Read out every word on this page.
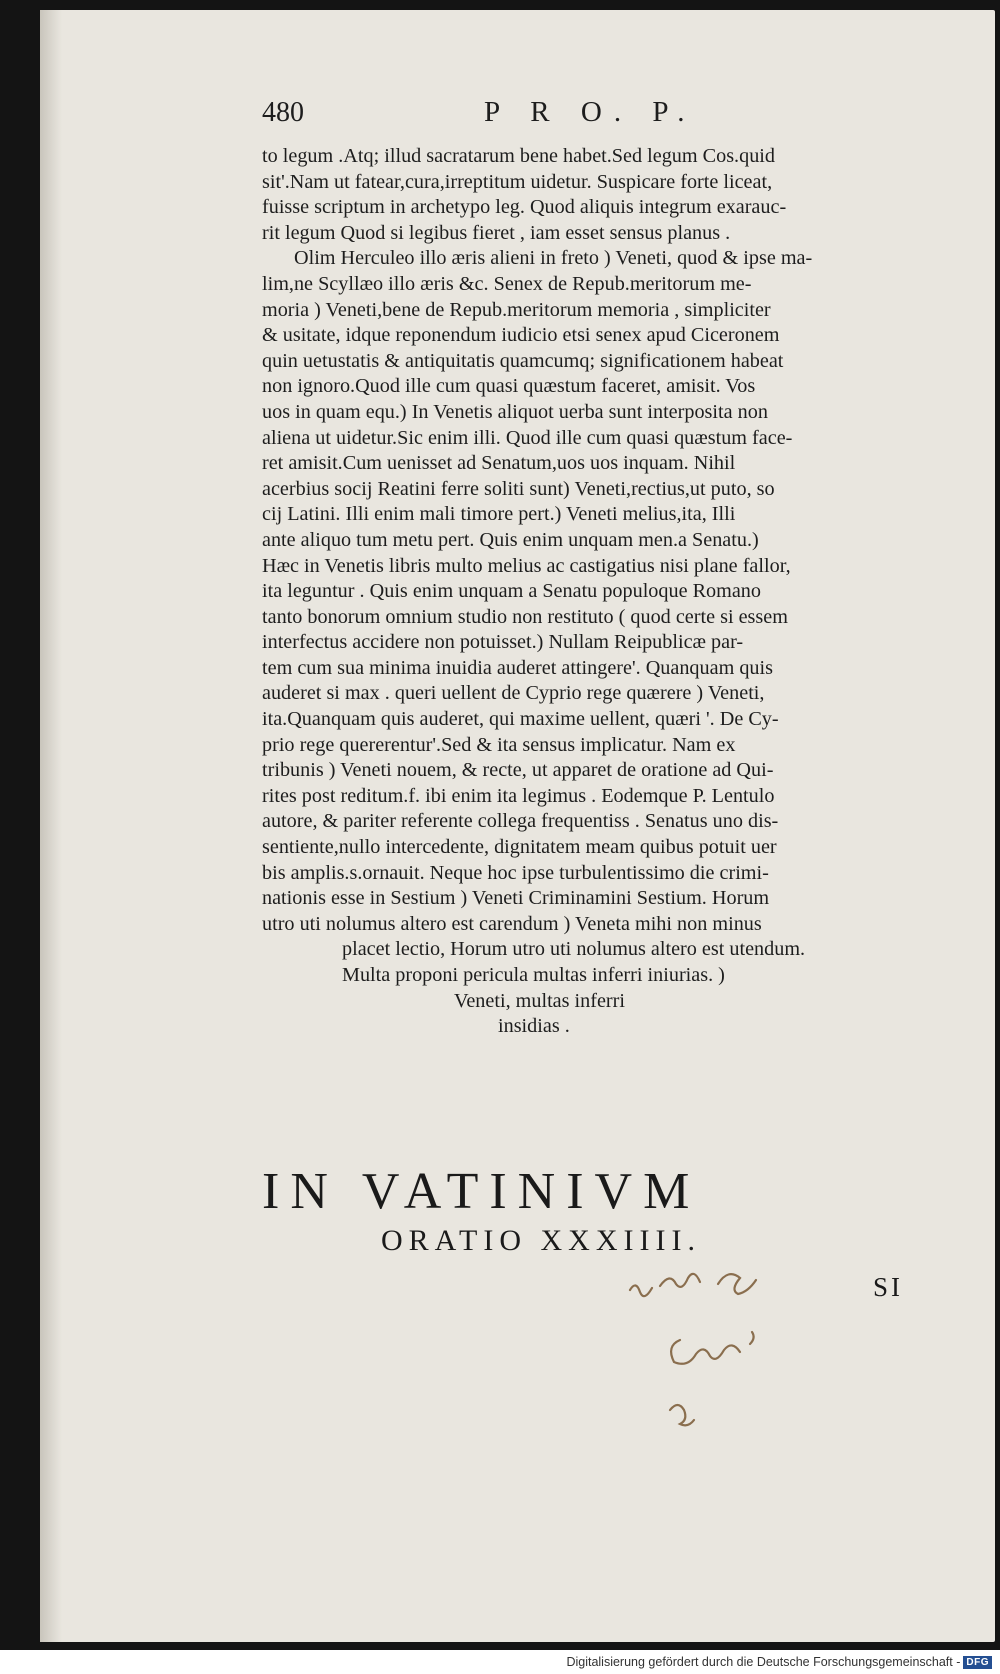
480	P R O. P.
to legum .Atq; illud sacratarum bene habet.Sed legum Cos.quid
sit'.Nam ut fatear,cura,irreptitum uidetur. Suspicare forte liceat,
fuisse scriptum in archetypo leg. Quod aliquis integrum exarauc-
rit legum Quod si legibus fieret , iam esset sensus planus .
Olim Herculeo illo æris alieni in freto ) Veneti, quod & ipse ma-
lim,ne Scyllæo illo æris &c. Senex de Repub.meritorum me-
moria ) Veneti,bene de Repub.meritorum memoria , simpliciter
& usitate, idque reponendum iudicio etsi senex apud Ciceronem
quin uetustatis & antiquitatis quamcumq; significationem habeat
non ignoro.Quod ille cum quasi quæstum faceret, amisit. Vos
uos in quam equ.) In Venetis aliquot uerba sunt interposita non
aliena ut uidetur.Sic enim illi. Quod ille cum quasi quæstum face-
ret amisit.Cum uenisset ad Senatum,uos uos inquam. Nihil
acerbius socij Reatini ferre soliti sunt) Veneti,rectius,ut puto, so
cij Latini. Illi enim mali timore pert.) Veneti melius,ita, Illi
ante aliquo tum metu pert. Quis enim unquam men.a Senatu.)
Hæc in Venetis libris multo melius ac castigatius nisi plane fallor,
ita leguntur . Quis enim unquam a Senatu populoque Romano
tanto bonorum omnium studio non restituto ( quod certe si essem
interfectus accidere non potuisset.) Nullam Reipublicæ par-
tem cum sua minima inuidia auderet attingere'. Quanquam quis
auderet si max . queri uellent de Cyprio rege quærere ) Veneti,
ita.Quanquam quis auderet, qui maxime uellent, quæri '. De Cy-
prio rege quererentur'.Sed & ita sensus implicatur. Nam ex
tribunis ) Veneti nouem, & recte, ut apparet de oratione ad Qui-
rites post reditum.f. ibi enim ita legimus . Eodemque P. Lentulo
autore, & pariter referente collega frequentiss . Senatus uno dis-
sentiente,nullo intercedente, dignitatem meam quibus potuit uer
bis amplis.s.ornauit. Neque hoc ipse turbulentissimo die crimi-
nationis esse in Sestium ) Veneti Criminamini Sestium. Horum
utro uti nolumus altero est carendum ) Veneta mihi non minus
placet lectio, Horum utro uti nolumus altero est utendum.
Multa proponi pericula multas inferri iniurias. )
Veneti, multas inferri
insidias .
IN VATINIVM
ORATIO XXXIIII.
SI
Digitalisierung gefördert durch die Deutsche Forschungsgemeinschaft - DFG
